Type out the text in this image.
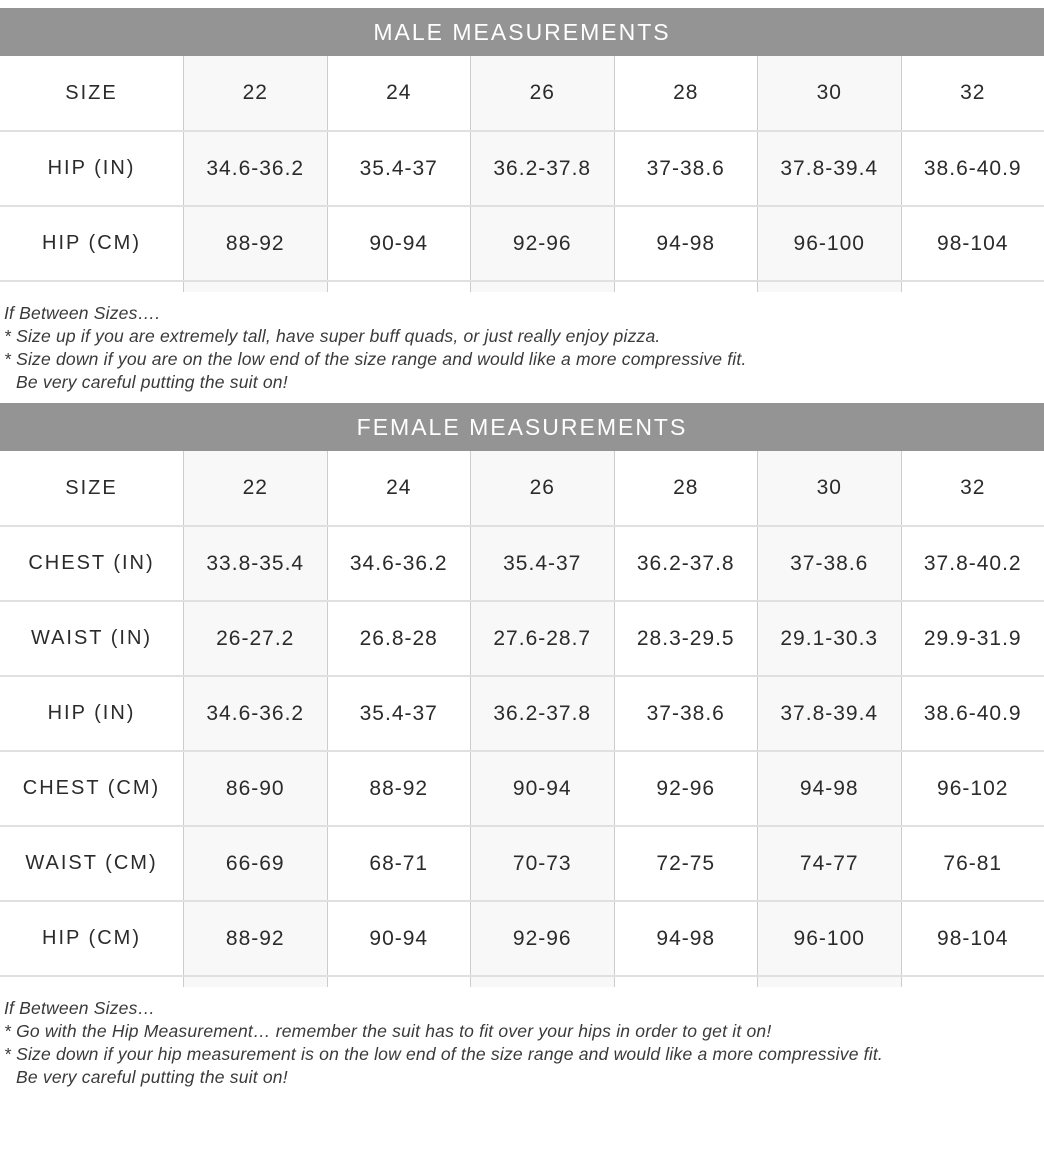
MALE MEASUREMENTS
SIZE	22	24	26	28	30	32
HIP (IN)	34.6-36.2	35.4-37	36.2-37.8	37-38.6	37.8-39.4	38.6-40.9
HIP (CM)	88-92	90-94	92-96	94-98	96-100	98-104

If Between Sizes….

* Size up if you are extremely tall, have super buff quads, or just really enjoy pizza.

* Size down if you are on the low end of the size range and would like a more compressive fit.

Be very careful putting the suit on!

FEMALE MEASUREMENTS
SIZE	22	24	26	28	30	32
CHEST (IN)	33.8-35.4	34.6-36.2	35.4-37	36.2-37.8	37-38.6	37.8-40.2
WAIST (IN)	26-27.2	26.8-28	27.6-28.7	28.3-29.5	29.1-30.3	29.9-31.9
HIP (IN)	34.6-36.2	35.4-37	36.2-37.8	37-38.6	37.8-39.4	38.6-40.9
CHEST (CM)	86-90	88-92	90-94	92-96	94-98	96-102
WAIST (CM)	66-69	68-71	70-73	72-75	74-77	76-81
HIP (CM)	88-92	90-94	92-96	94-98	96-100	98-104

If Between Sizes…

* Go with the Hip Measurement… remember the suit has to fit over your hips in order to get it on!

* Size down if your hip measurement is on the low end of the size range and would like a more compressive fit.

Be very careful putting the suit on!
